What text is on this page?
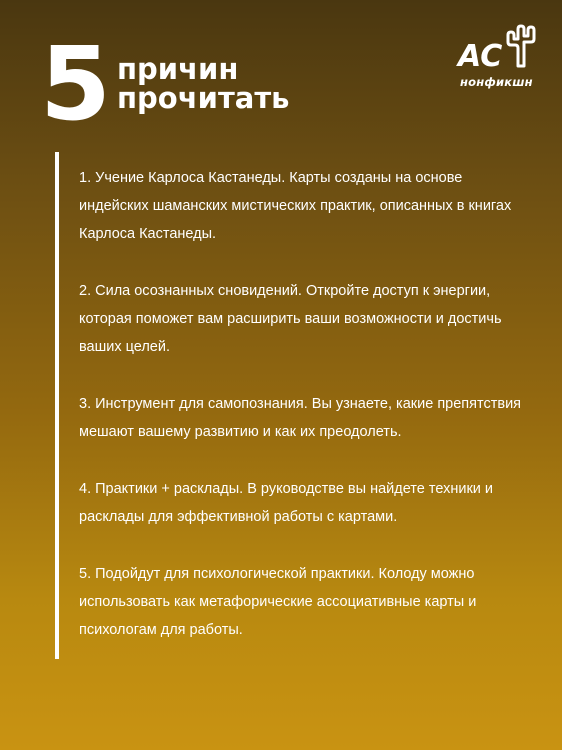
5 причин
прочитать
АС
нонфикшн

1. Учение Карлоса Кастанеды. Карты созданы на основе индейских шаманских мистических практик, описанных в книгах Карлоса Кастанеды.

2. Сила осознанных сновидений. Откройте доступ к энергии, которая поможет вам расширить ваши возможности и достичь ваших целей.

3. Инструмент для самопознания. Вы узнаете, какие препятствия мешают вашему развитию и как их преодолеть.

4. Практики + расклады. В руководстве вы найдете техники и расклады для эффективной работы с картами.

5. Подойдут для психологической практики. Колоду можно использовать как метафорические ассоциативные карты и психологам для работы.
